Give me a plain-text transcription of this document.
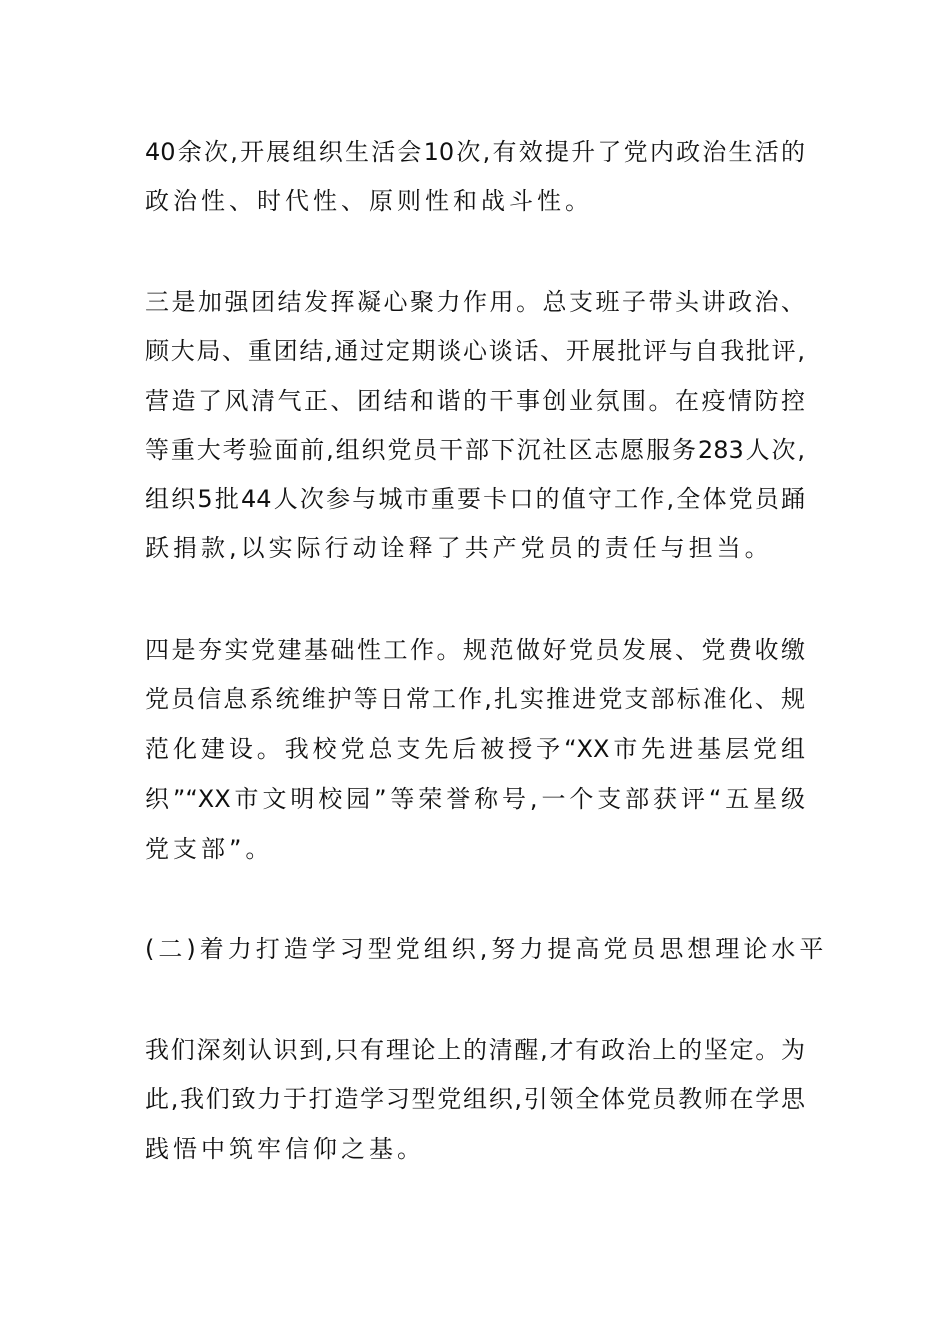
40余次,开展组织生活会10次,有效提升了党内政治生活的
政治性、时代性、原则性和战斗性。
三是加强团结发挥凝心聚力作用。总支班子带头讲政治、
顾大局、重团结,通过定期谈心谈话、开展批评与自我批评,
营造了风清气正、团结和谐的干事创业氛围。在疫情防控
等重大考验面前,组织党员干部下沉社区志愿服务283人次,
组织5批44人次参与城市重要卡口的值守工作,全体党员踊
跃捐款,以实际行动诠释了共产党员的责任与担当。
四是夯实党建基础性工作。规范做好党员发展、党费收缴
党员信息系统维护等日常工作,扎实推进党支部标准化、规
范化建设。我校党总支先后被授予“XX市先进基层党组
织”“XX市文明校园”等荣誉称号,一个支部获评“五星级
党支部”。
(二)着力打造学习型党组织,努力提高党员思想理论水平
我们深刻认识到,只有理论上的清醒,才有政治上的坚定。为
此,我们致力于打造学习型党组织,引领全体党员教师在学思
践悟中筑牢信仰之基。
